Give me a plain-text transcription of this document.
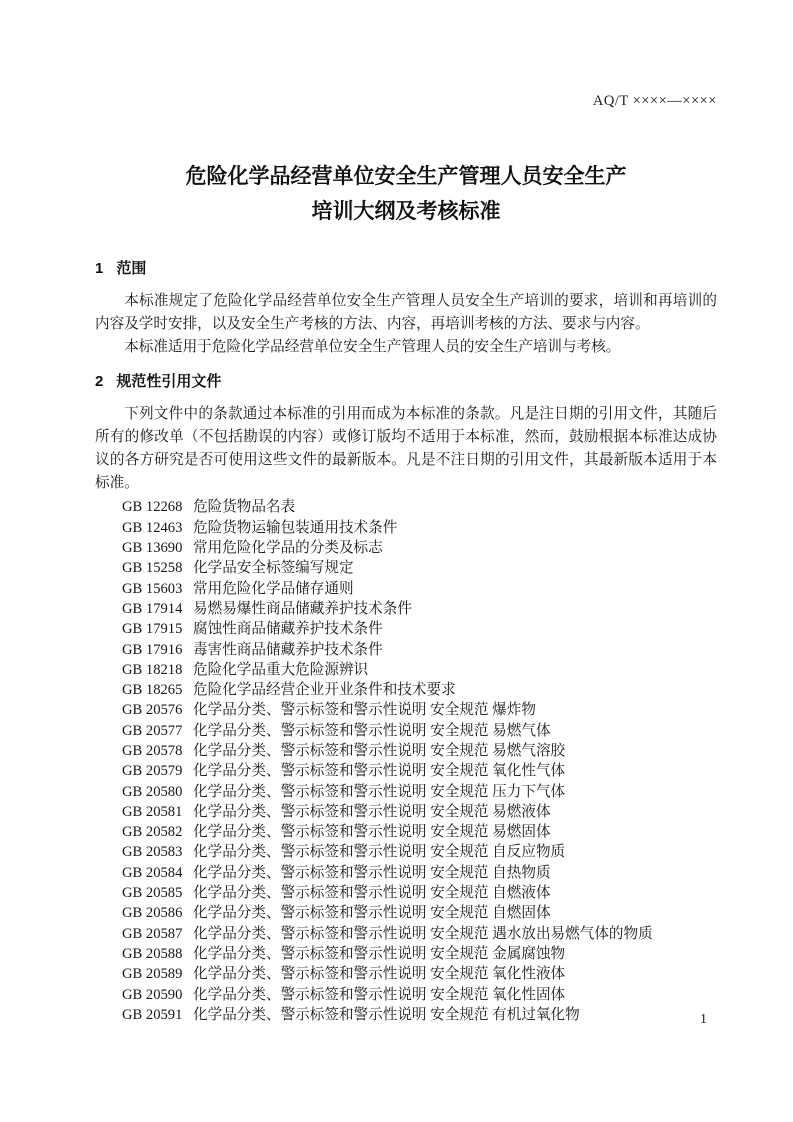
AQ/T ××××—××××
危险化学品经营单位安全生产管理人员安全生产
培训大纲及考核标准
1 范围

本标准规定了危险化学品经营单位安全生产管理人员安全生产培训的要求，培训和再培训的内容及学时安排，以及安全生产考核的方法、内容，再培训考核的方法、要求与内容。

本标准适用于危险化学品经营单位安全生产管理人员的安全生产培训与考核。

2 规范性引用文件

下列文件中的条款通过本标准的引用而成为本标准的条款。凡是注日期的引用文件，其随后所有的修改单（不包括勘误的内容）或修订版均不适用于本标准，然而，鼓励根据本标准达成协议的各方研究是否可使用这些文件的最新版本。凡是不注日期的引用文件，其最新版本适用于本标准。

GB 12268 危险货物品名表
GB 12463 危险货物运输包装通用技术条件
GB 13690 常用危险化学品的分类及标志
GB 15258 化学品安全标签编写规定
GB 15603 常用危险化学品储存通则
GB 17914 易燃易爆性商品储藏养护技术条件
GB 17915 腐蚀性商品储藏养护技术条件
GB 17916 毒害性商品储藏养护技术条件
GB 18218 危险化学品重大危险源辨识
GB 18265 危险化学品经营企业开业条件和技术要求
GB 20576 化学品分类、警示标签和警示性说明 安全规范 爆炸物
GB 20577 化学品分类、警示标签和警示性说明 安全规范 易燃气体
GB 20578 化学品分类、警示标签和警示性说明 安全规范 易燃气溶胶
GB 20579 化学品分类、警示标签和警示性说明 安全规范 氧化性气体
GB 20580 化学品分类、警示标签和警示性说明 安全规范 压力下气体
GB 20581 化学品分类、警示标签和警示性说明 安全规范 易燃液体
GB 20582 化学品分类、警示标签和警示性说明 安全规范 易燃固体
GB 20583 化学品分类、警示标签和警示性说明 安全规范 自反应物质
GB 20584 化学品分类、警示标签和警示性说明 安全规范 自热物质
GB 20585 化学品分类、警示标签和警示性说明 安全规范 自燃液体
GB 20586 化学品分类、警示标签和警示性说明 安全规范 自燃固体
GB 20587 化学品分类、警示标签和警示性说明 安全规范 遇水放出易燃气体的物质
GB 20588 化学品分类、警示标签和警示性说明 安全规范 金属腐蚀物
GB 20589 化学品分类、警示标签和警示性说明 安全规范 氧化性液体
GB 20590 化学品分类、警示标签和警示性说明 安全规范 氧化性固体
GB 20591 化学品分类、警示标签和警示性说明 安全规范 有机过氧化物	1
